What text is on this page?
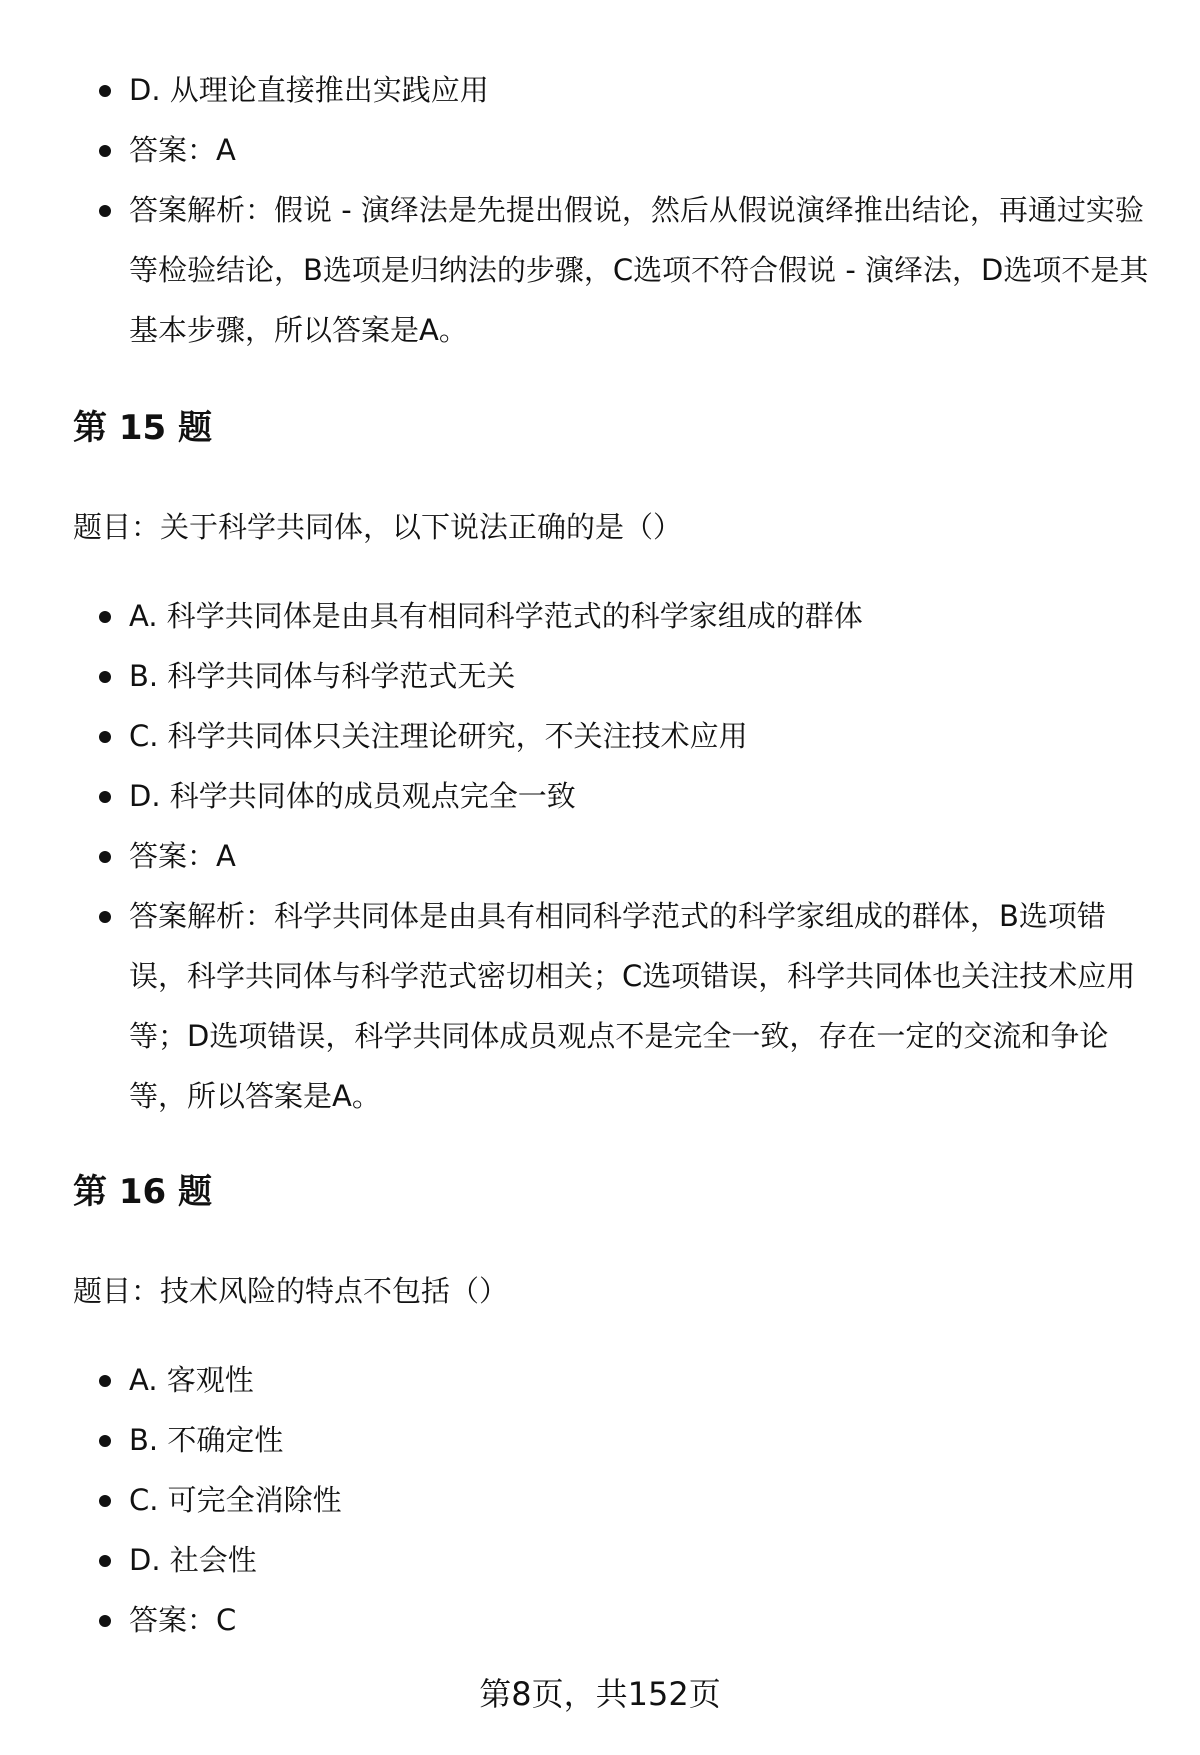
D. 从理论直接推出实践应用
答案：A
答案解析：假说 - 演绎法是先提出假说，然后从假说演绎推出结论，再通过实验等检验结论，B选项是归纳法的步骤，C选项不符合假说 - 演绎法，D选项不是其基本步骤，所以答案是A。
第 15 题

题目：关于科学共同体，以下说法正确的是（）

A. 科学共同体是由具有相同科学范式的科学家组成的群体
B. 科学共同体与科学范式无关
C. 科学共同体只关注理论研究，不关注技术应用
D. 科学共同体的成员观点完全一致
答案：A
答案解析：科学共同体是由具有相同科学范式的科学家组成的群体，B选项错误，科学共同体与科学范式密切相关；C选项错误，科学共同体也关注技术应用等；D选项错误，科学共同体成员观点不是完全一致，存在一定的交流和争论等，所以答案是A。
第 16 题

题目：技术风险的特点不包括（）

A. 客观性
B. 不确定性
C. 可完全消除性
D. 社会性
答案：C
第8页，共152页
